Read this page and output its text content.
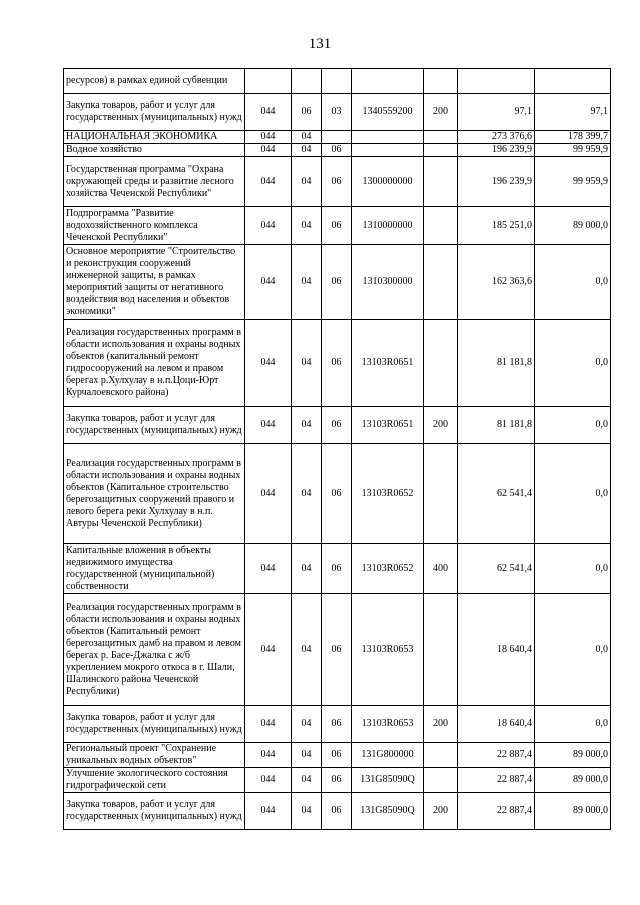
131
ресурсов) в рамках единой субвенции							
Закупка товаров, работ и услуг для государственных (муниципальных) нужд	044	06	03	1340559200	200	97,1	97,1
НАЦИОНАЛЬНАЯ ЭКОНОМИКА	044	04				273 376,6	178 399,7
Водное хозяйство	044	04	06			196 239,9	99 959,9
Государственная программа "Охрана окружающей среды и развитие лесного хозяйства Чеченской Республики"	044	04	06	1300000000		196 239,9	99 959,9
Подпрограмма "Развитие водохозяйственного комплекса Чеченской Республики"	044	04	06	1310000000		185 251,0	89 000,0
Основное мероприятие "Строительство и реконструкция сооружений инженерной защиты, в рамках мероприятий защиты от негативного воздействия вод населения и объектов экономики"	044	04	06	1310300000		162 363,6	0,0
Реализация государственных программ в области использования и охраны водных объектов (капитальный ремонт гидросооружений на левом и правом берегах р.Хулхулау в н.п.Цоци-Юрт Курчалоевского района)	044	04	06	13103R0651		81 181,8	0,0
Закупка товаров, работ и услуг для государственных (муниципальных) нужд	044	04	06	13103R0651	200	81 181,8	0,0
Реализация государственных программ в области использования и охраны водных объектов (Капитальное строительство берегозащитных сооружений правого и левого берега реки Хулхулау в н.п. Автуры Чеченской Республики)	044	04	06	13103R0652		62 541,4	0,0
Капитальные вложения в объекты недвижимого имущества государственной (муниципальной) собственности	044	04	06	13103R0652	400	62 541,4	0,0
Реализация государственных программ в области использования и охраны водных объектов (Капитальный ремонт берегозащитных дамб на правом и левом берегах р. Басе-Джалка с ж/б укреплением мокрого откоса в г. Шали, Шалинского района Чеченской Республики)	044	04	06	13103R0653		18 640,4	0,0
Закупка товаров, работ и услуг для государственных (муниципальных) нужд	044	04	06	13103R0653	200	18 640,4	0,0
Региональный проект "Сохранение уникальных водных объектов"	044	04	06	131G800000		22 887,4	89 000,0
Улучшение экологического состояния гидрографической сети	044	04	06	131G85090Q		22 887,4	89 000,0
Закупка товаров, работ и услуг для государственных (муниципальных) нужд	044	04	06	131G85090Q	200	22 887,4	89 000,0
